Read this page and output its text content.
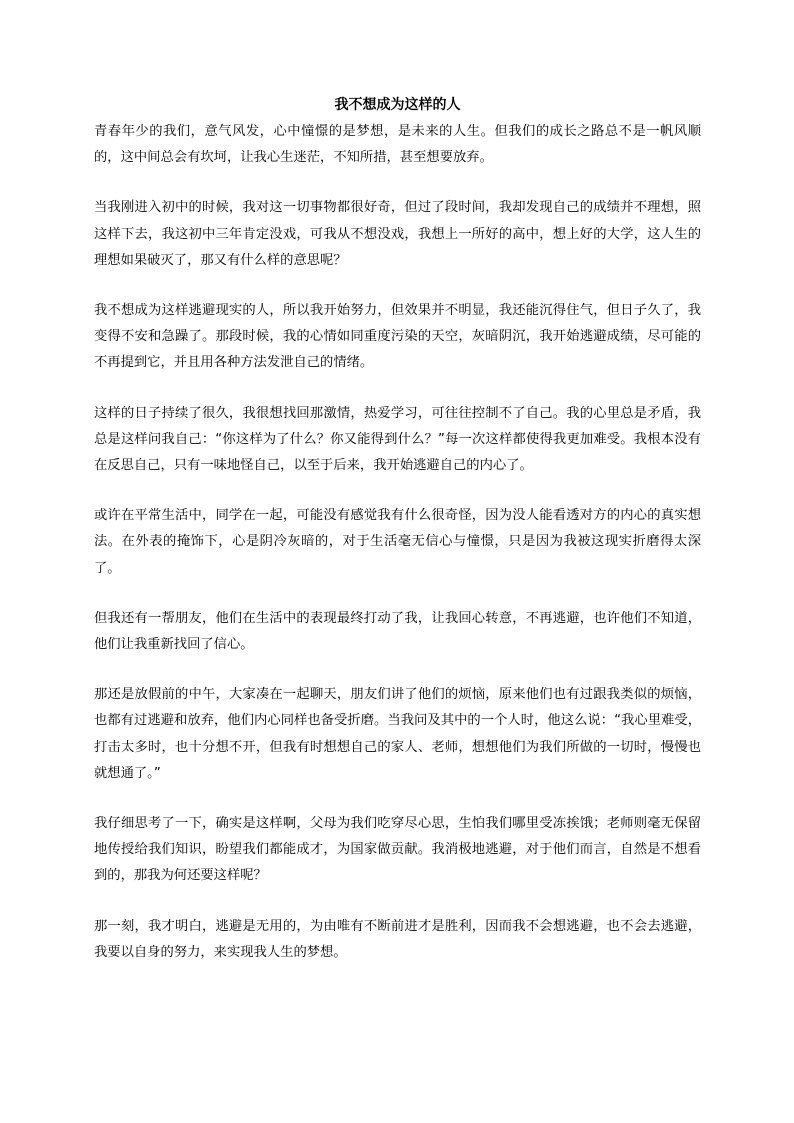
我不想成为这样的人

青春年少的我们，意气风发，心中憧憬的是梦想，是未来的人生。但我们的成长之路总不是一帆风顺的，这中间总会有坎坷，让我心生迷茫，不知所措，甚至想要放弃。

当我刚进入初中的时候，我对这一切事物都很好奇，但过了段时间，我却发现自己的成绩并不理想，照这样下去，我这初中三年肯定没戏，可我从不想没戏，我想上一所好的高中，想上好的大学，这人生的理想如果破灭了，那又有什么样的意思呢？

我不想成为这样逃避现实的人，所以我开始努力，但效果并不明显，我还能沉得住气，但日子久了，我变得不安和急躁了。那段时候，我的心情如同重度污染的天空，灰暗阴沉，我开始逃避成绩，尽可能的不再提到它，并且用各种方法发泄自己的情绪。

这样的日子持续了很久，我很想找回那激情，热爱学习，可往往控制不了自己。我的心里总是矛盾，我总是这样问我自己：“你这样为了什么？你又能得到什么？”每一次这样都使得我更加难受。我根本没有在反思自己，只有一味地怪自己，以至于后来，我开始逃避自己的内心了。

或许在平常生活中，同学在一起，可能没有感觉我有什么很奇怪，因为没人能看透对方的内心的真实想法。在外表的掩饰下，心是阴冷灰暗的，对于生活毫无信心与憧憬，只是因为我被这现实折磨得太深了。

但我还有一帮朋友，他们在生活中的表现最终打动了我，让我回心转意，不再逃避，也许他们不知道，他们让我重新找回了信心。

那还是放假前的中午，大家凑在一起聊天，朋友们讲了他们的烦恼，原来他们也有过跟我类似的烦恼，也都有过逃避和放弃，他们内心同样也备受折磨。当我问及其中的一个人时，他这么说：“我心里难受，打击太多时，也十分想不开，但我有时想想自己的家人、老师，想想他们为我们所做的一切时，慢慢也就想通了。”

我仔细思考了一下，确实是这样啊，父母为我们吃穿尽心思，生怕我们哪里受冻挨饿；老师则毫无保留地传授给我们知识，盼望我们都能成才，为国家做贡献。我消极地逃避，对于他们而言，自然是不想看到的，那我为何还要这样呢？

那一刻，我才明白，逃避是无用的，为由唯有不断前进才是胜利，因而我不会想逃避，也不会去逃避，我要以自身的努力，来实现我人生的梦想。
